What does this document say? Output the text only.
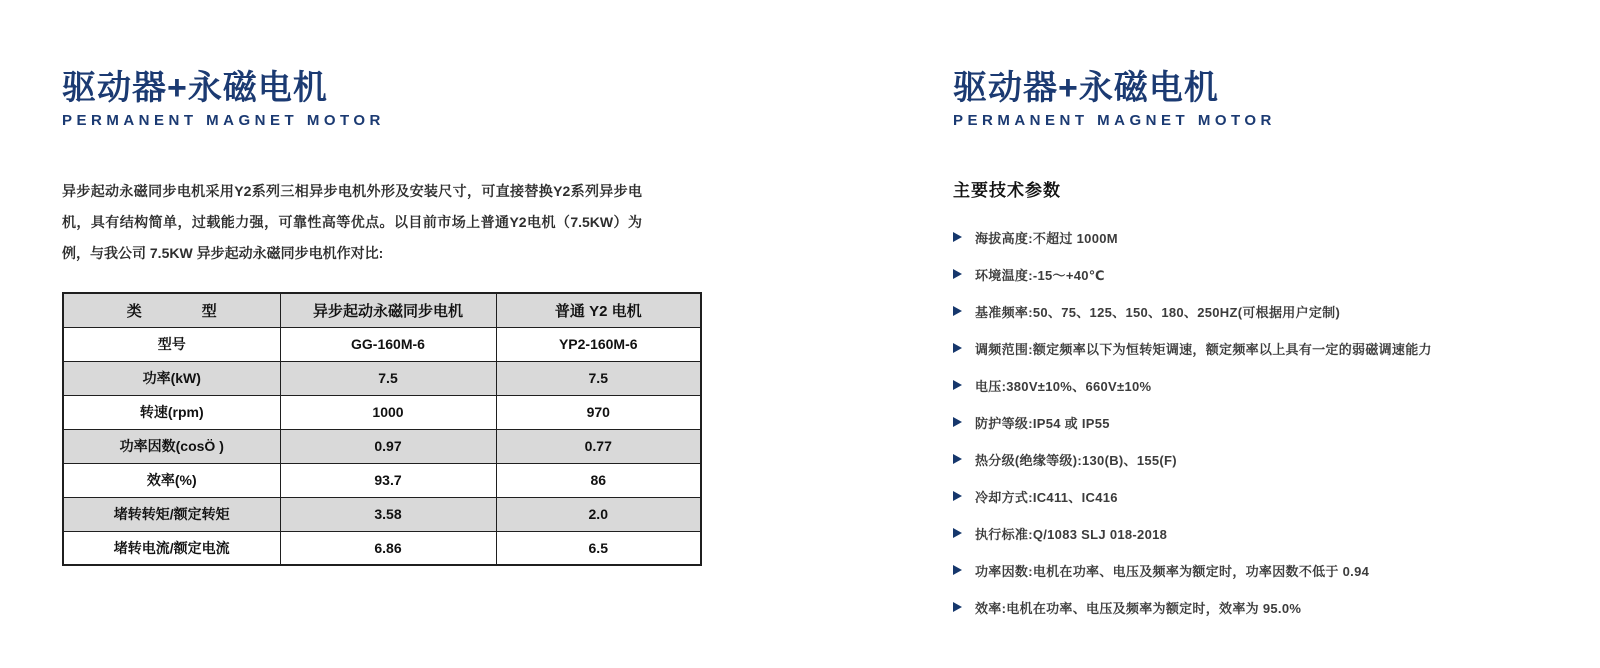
驱动器+永磁电机
PERMANENT MAGNET MOTOR

异步起动永磁同步电机采用Y2系列三相异步电机外形及安装尺寸，可直接替换Y2系列异步电机，具有结构简单，过载能力强，可靠性高等优点。以目前市场上普通Y2电机（7.5KW）为例，与我公司 7.5KW 异步起动永磁同步电机作对比:

类　　　　型	异步起动永磁同步电机	普通 Y2 电机
型号	GG-160M-6	YP2-160M-6
功率(kW)	7.5	7.5
转速(rpm)	1000	970
功率因数(cosÖ )	0.97	0.77
效率(%)	93.7	86
堵转转矩/额定转矩	3.58	2.0
堵转电流/额定电流	6.86	6.5
驱动器+永磁电机
PERMANENT MAGNET MOTOR
主要技术参数
海拔高度:不超过 1000M
环境温度:-15～+40℃
基准频率:50、75、125、150、180、250HZ(可根据用户定制)
调频范围:额定频率以下为恒转矩调速，额定频率以上具有一定的弱磁调速能力
电压:380V±10%、660V±10%
防护等级:IP54 或 IP55
热分级(绝缘等级):130(B)、155(F)
冷却方式:IC411、IC416
执行标准:Q/1083 SLJ 018-2018
功率因数:电机在功率、电压及频率为额定时，功率因数不低于 0.94
效率:电机在功率、电压及频率为额定时，效率为 95.0%
